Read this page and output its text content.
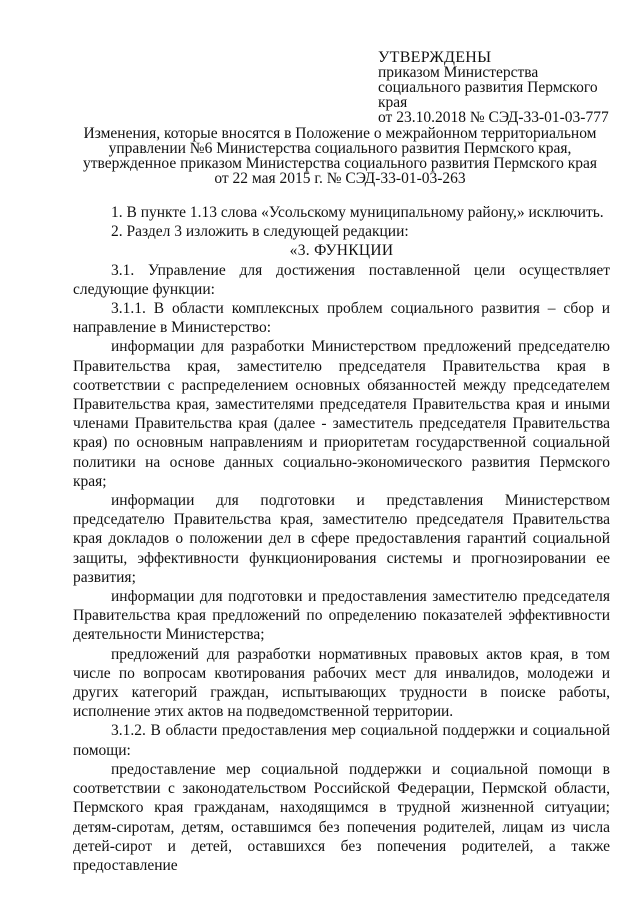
УТВЕРЖДЕНЫ
приказом Министерства
социального развития Пермского
края
от 23.10.2018 № СЭД-33-01-03-777
Изменения, которые вносятся в Положение о межрайонном территориальном
управлении №6 Министерства социального развития Пермского края,
утвержденное приказом Министерства социального развития Пермского края
от 22 мая 2015 г. № СЭД-33-01-03-263

1. В пункте 1.13 слова «Усольскому муниципальному району,» исключить.

2. Раздел 3 изложить в следующей редакции:

«3. ФУНКЦИИ

3.1. Управление для достижения поставленной цели осуществляет следующие функции:

3.1.1. В области комплексных проблем социального развития – сбор и направление в Министерство:

информации для разработки Министерством предложений председателю Правительства края, заместителю председателя Правительства края в соответствии с распределением основных обязанностей между председателем Правительства края, заместителями председателя Правительства края и иными членами Правительства края (далее - заместитель председателя Правительства края) по основным направлениям и приоритетам государственной социальной политики на основе данных социально-экономического развития Пермского края;

информации для подготовки и представления Министерством председателю Правительства края, заместителю председателя Правительства края докладов о положении дел в сфере предоставления гарантий социальной защиты, эффективности функционирования системы и прогнозировании ее развития;

информации для подготовки и предоставления заместителю председателя Правительства края предложений по определению показателей эффективности деятельности Министерства;

предложений для разработки нормативных правовых актов края, в том числе по вопросам квотирования рабочих мест для инвалидов, молодежи и других категорий граждан, испытывающих трудности в поиске работы, исполнение этих актов на подведомственной территории.

3.1.2. В области предоставления мер социальной поддержки и социальной помощи:

предоставление мер социальной поддержки и социальной помощи в соответствии с законодательством Российской Федерации, Пермской области, Пермского края гражданам, находящимся в трудной жизненной ситуации; детям-сиротам, детям, оставшимся без попечения родителей, лицам из числа детей-сирот и детей, оставшихся без попечения родителей, а также предоставление
